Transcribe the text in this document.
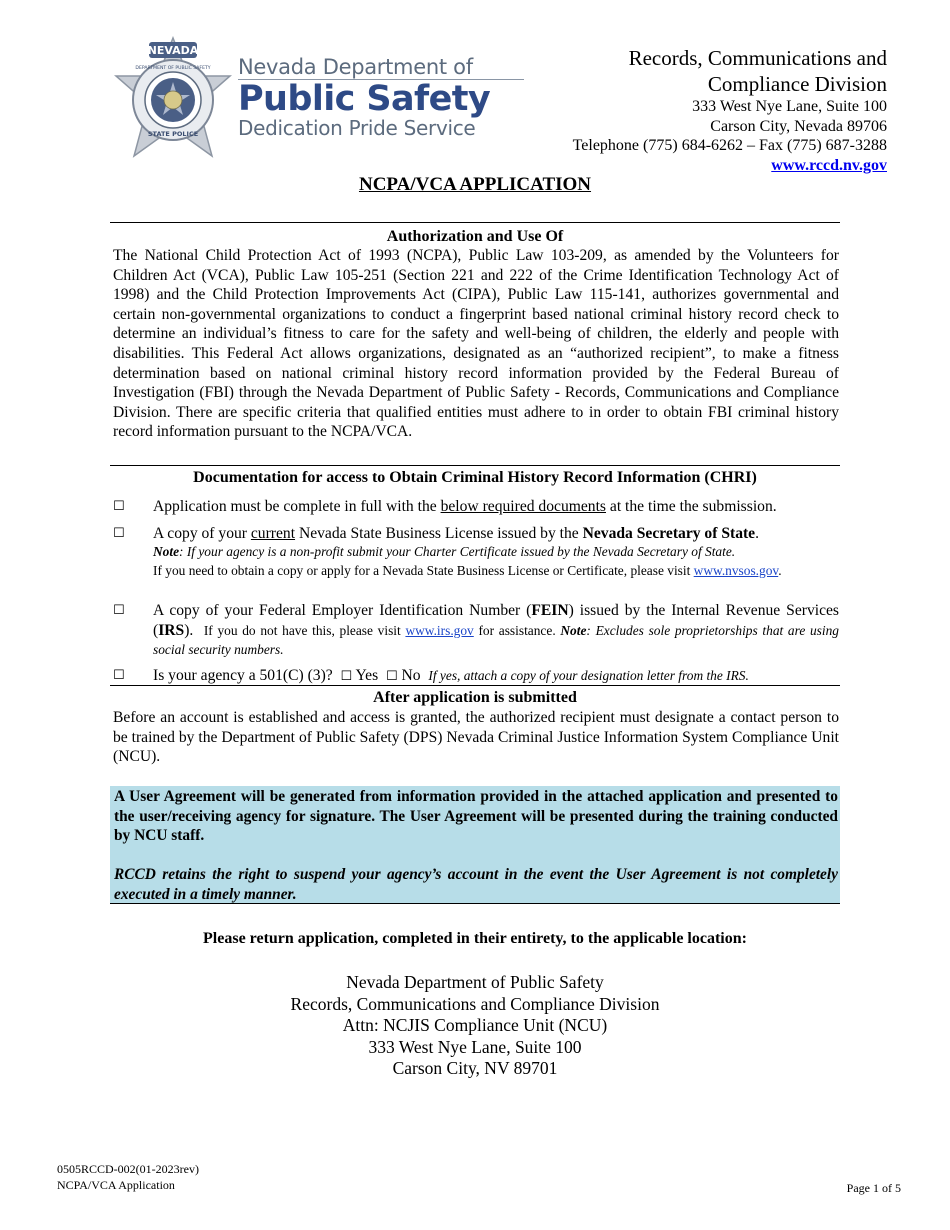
NEVADA
DEPARTMENT OF PUBLIC SAFETY
STATE POLICE
Nevada Department of
Public Safety
Dedication Pride Service
Records, Communications and
Compliance Division
333 West Nye Lane, Suite 100
Carson City, Nevada 89706
Telephone (775) 684-6262 – Fax (775) 687-3288
www.rccd.nv.gov
NCPA/VCA APPLICATION
Authorization and Use Of
The National Child Protection Act of 1993 (NCPA), Public Law 103-209, as amended by the Volunteers for Children Act (VCA), Public Law 105-251 (Section 221 and 222 of the Crime Identification Technology Act of 1998) and the Child Protection Improvements Act (CIPA), Public Law 115-141, authorizes governmental and certain non-governmental organizations to conduct a fingerprint based national criminal history record check to determine an individual’s fitness to care for the safety and well-being of children, the elderly and people with disabilities. This Federal Act allows organizations, designated as an “authorized recipient”, to make a fitness determination based on national criminal history record information provided by the Federal Bureau of Investigation (FBI) through the Nevada Department of Public Safety - Records, Communications and Compliance Division. There are specific criteria that qualified entities must adhere to in order to obtain FBI criminal history record information pursuant to the NCPA/VCA.
Documentation for access to Obtain Criminal History Record Information (CHRI)
☐ Application must be complete in full with the below required documents at the time the submission.
☐ A copy of your current Nevada State Business License issued by the Nevada Secretary of State.
Note: If your agency is a non-profit submit your Charter Certificate issued by the Nevada Secretary of State.
If you need to obtain a copy or apply for a Nevada State Business License or Certificate, please visit www.nvsos.gov.
☐ A copy of your Federal Employer Identification Number (FEIN) issued by the Internal Revenue Services (IRS). If you do not have this, please visit www.irs.gov for assistance. Note: Excludes sole proprietorships that are using social security numbers.
☐ Is your agency a 501(C) (3)? ☐ Yes ☐ No If yes, attach a copy of your designation letter from the IRS.
After application is submitted
Before an account is established and access is granted, the authorized recipient must designate a contact person to be trained by the Department of Public Safety (DPS) Nevada Criminal Justice Information System Compliance Unit (NCU).

A User Agreement will be generated from information provided in the attached application and presented to the user/receiving agency for signature. The User Agreement will be presented during the training conducted by NCU staff.

RCCD retains the right to suspend your agency’s account in the event the User Agreement is not completely executed in a timely manner.

Please return application, completed in their entirety, to the applicable location:
Nevada Department of Public Safety
Records, Communications and Compliance Division
Attn: NCJIS Compliance Unit (NCU)
333 West Nye Lane, Suite 100
Carson City, NV 89701
0505RCCD-002(01-2023rev)
NCPA/VCA Application	Page 1 of 5
